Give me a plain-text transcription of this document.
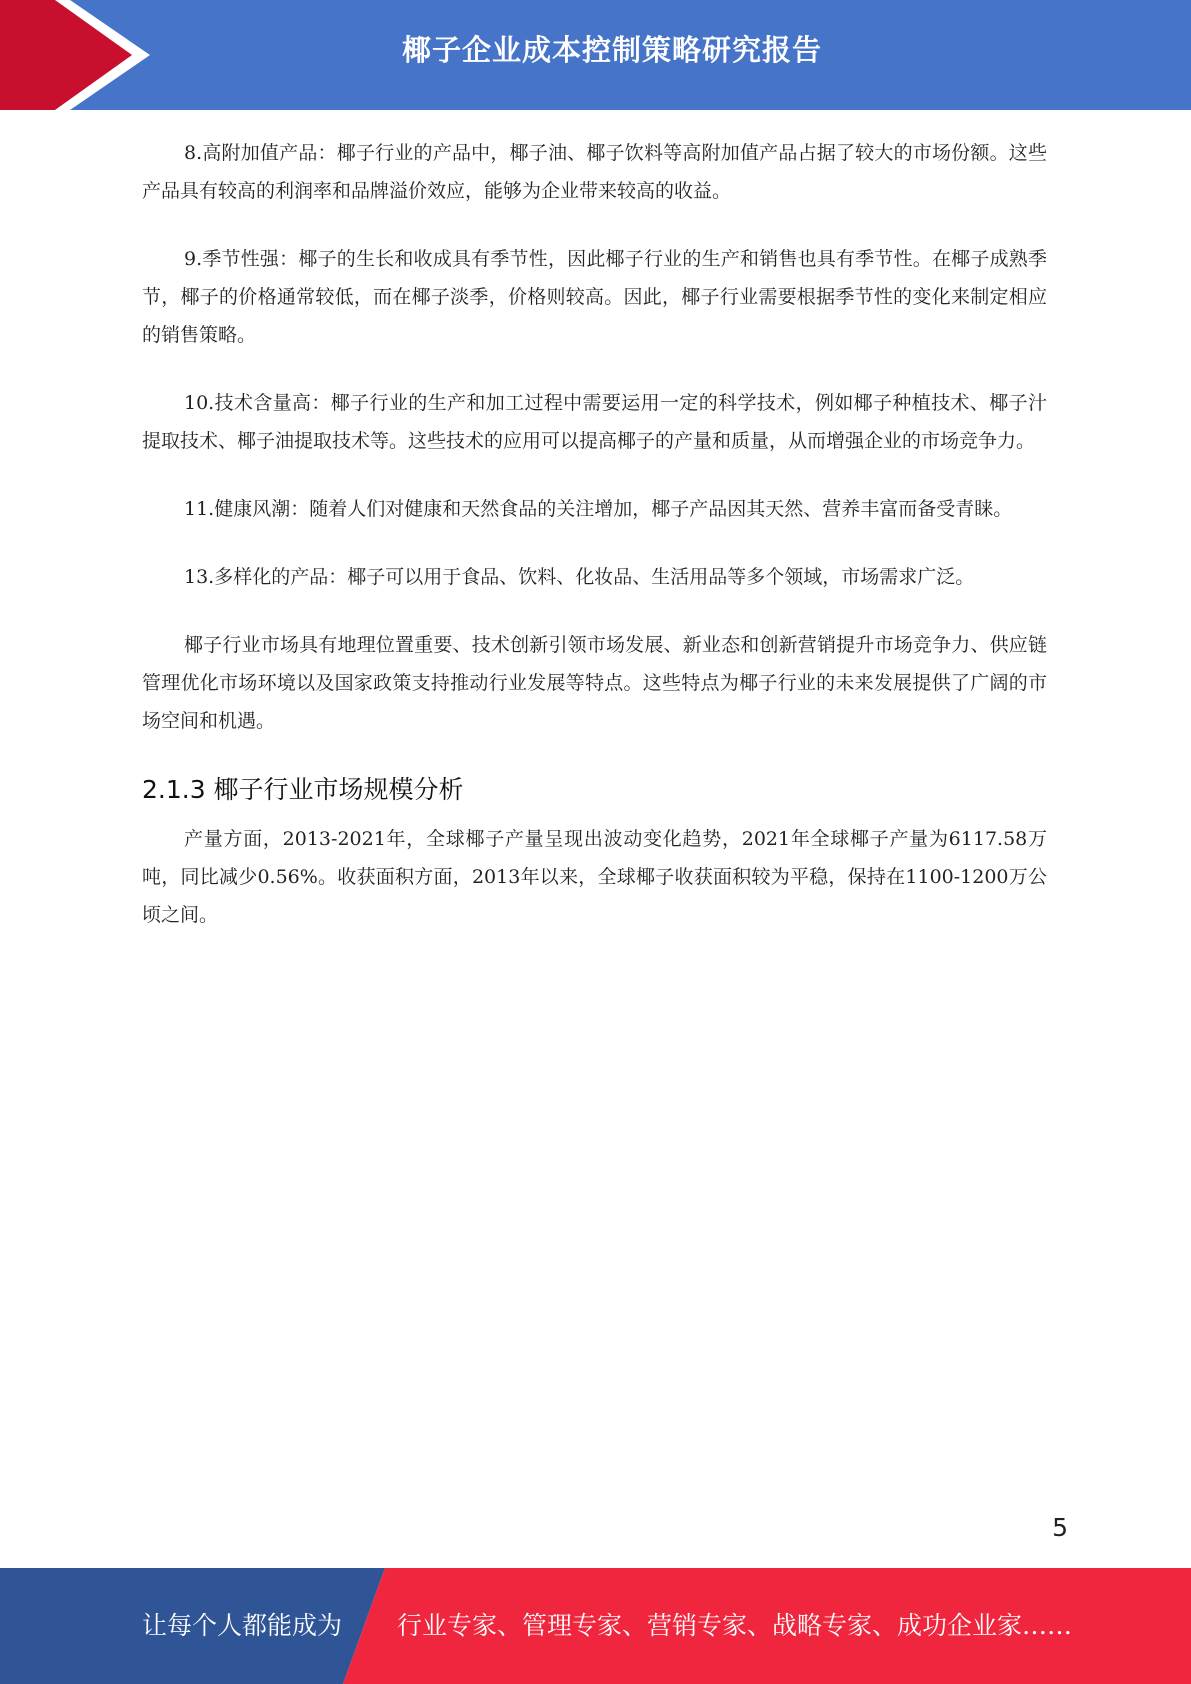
椰子企业成本控制策略研究报告

8.高附加值产品：椰子行业的产品中，椰子油、椰子饮料等高附加值产品占据了较大的市场份额。这些产品具有较高的利润率和品牌溢价效应，能够为企业带来较高的收益。

9.季节性强：椰子的生长和收成具有季节性，因此椰子行业的生产和销售也具有季节性。在椰子成熟季节，椰子的价格通常较低，而在椰子淡季，价格则较高。因此，椰子行业需要根据季节性的变化来制定相应的销售策略。

10.技术含量高：椰子行业的生产和加工过程中需要运用一定的科学技术，例如椰子种植技术、椰子汁提取技术、椰子油提取技术等。这些技术的应用可以提高椰子的产量和质量，从而增强企业的市场竞争力。

11.健康风潮：随着人们对健康和天然食品的关注增加，椰子产品因其天然、营养丰富而备受青睐。

13.多样化的产品：椰子可以用于食品、饮料、化妆品、生活用品等多个领域，市场需求广泛。

椰子行业市场具有地理位置重要、技术创新引领市场发展、新业态和创新营销提升市场竞争力、供应链管理优化市场环境以及国家政策支持推动行业发展等特点。这些特点为椰子行业的未来发展提供了广阔的市场空间和机遇。

2.1.3 椰子行业市场规模分析

产量方面，2013-2021年，全球椰子产量呈现出波动变化趋势，2021年全球椰子产量为6117.58万吨，同比减少0.56%。收获面积方面，2013年以来，全球椰子收获面积较为平稳，保持在1100-1200万公顷之间。

5
让每个人都能成为 行业专家、管理专家、营销专家、战略专家、成功企业家……
